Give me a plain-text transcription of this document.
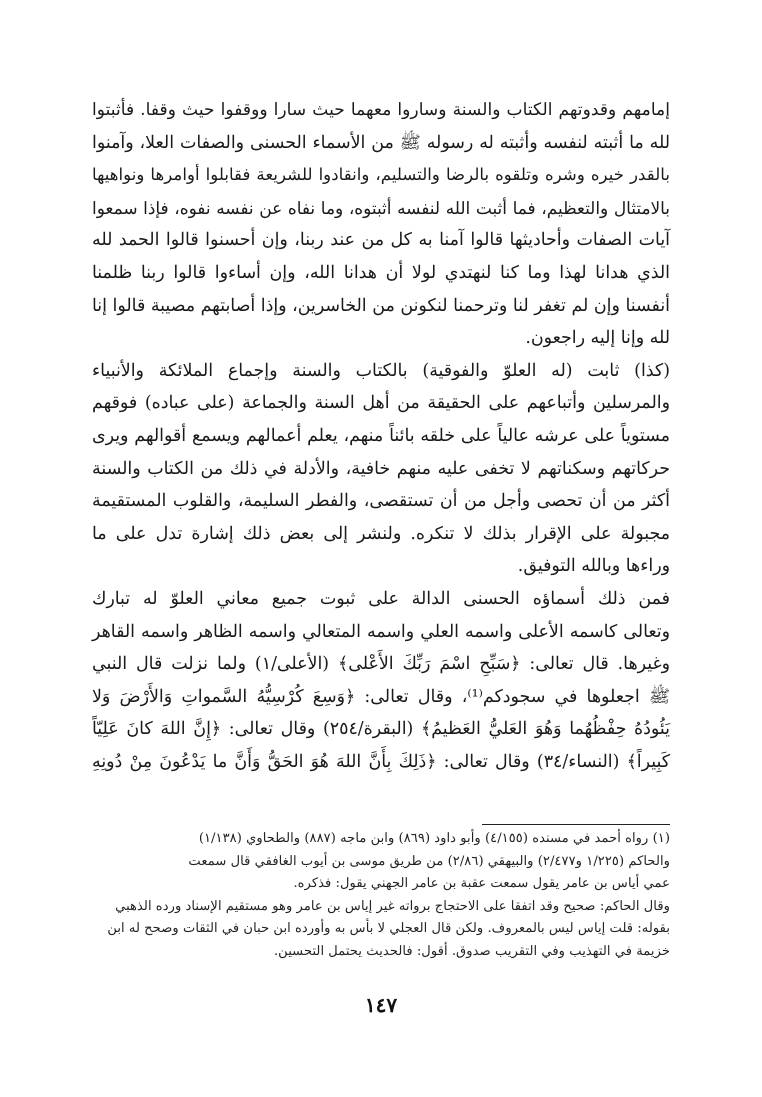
إمامهم وقدوتهم الكتاب والسنة وساروا معهما حيث سارا ووقفوا حيث وقفا. فأثبتوا
لله ما أثبته لنفسه وأثبته له رسوله ﷺ من الأسماء الحسنى والصفات العلا، وآمنوا
بالقدر خيره وشره وتلقوه بالرضا والتسليم، وانقادوا للشريعة فقابلوا أوامرها ونواهيها
بالامتثال والتعظيم، فما أثبت الله لنفسه أثبتوه، وما نفاه عن نفسه نفوه، فإذا سمعوا
آيات الصفات وأحاديثها قالوا آمنا به كل من عند ربنا، وإن أحسنوا قالوا الحمد لله
الذي هدانا لهذا وما كنا لنهتدي لولا أن هدانا الله، وإن أساءوا قالوا ربنا ظلمنا
أنفسنا وإن لم تغفر لنا وترحمنا لنكونن من الخاسرين، وإذا أصابتهم مصيبة قالوا إنا
لله وإنا إليه راجعون.
(كذا) ثابت (له العلوّ والفوقية) بالكتاب والسنة وإجماع الملائكة والأنبياء
والمرسلين وأتباعهم على الحقيقة من أهل السنة والجماعة (على عباده) فوقهم
مستوياً على عرشه عالياً على خلقه بائناً منهم، يعلم أعمالهم ويسمع أقوالهم ويرى
حركاتهم وسكناتهم لا تخفى عليه منهم خافية، والأدلة في ذلك من الكتاب والسنة
أكثر من أن تحصى وأجل من أن تستقصى، والفطر السليمة، والقلوب المستقيمة
مجبولة على الإقرار بذلك لا تنكره. ولنشر إلى بعض ذلك إشارة تدل على ما
وراءها وبالله التوفيق.
فمن ذلك أسماؤه الحسنى الدالة على ثبوت جميع معاني العلوّ له تبارك
وتعالى كاسمه الأعلى واسمه العلي واسمه المتعالي واسمه الظاهر واسمه القاهر
وغيرها. قال تعالى: ﴿سَبِّحِ اسْمَ رَبِّكَ الأَعْلى﴾ (الأعلى/١) ولما نزلت قال النبي
ﷺ اجعلوها في سجودكم⁽¹⁾، وقال تعالى: ﴿وَسِعَ كُرْسِيُّهُ السَّمواتِ وَالأَرْضَ وَلا
يَئُودُهُ حِفْظُهُما وَهُوَ العَليُّ العَظيمُ﴾ (البقرة/٢٥٤) وقال تعالى: ﴿إِنَّ اللهَ كانَ عَلِيّاً
كَبِيراً﴾ (النساء/٣٤) وقال تعالى: ﴿ذَلِكَ بِأَنَّ اللهَ هُوَ الحَقُّ وَأَنَّ ما يَدْعُونَ مِنْ دُونِهِ
(١) رواه أحمد في مسنده (٤/١٥٥) وأبو داود (٨٦٩) وابن ماجه (٨٨٧) والطحاوي (١/١٣٨)
والحاكم (١/٢٢٥ و٢/٤٧٧) والبيهقي (٢/٨٦) من طريق موسى بن أيوب الغافقي قال سمعت
عمي أياس بن عامر يقول سمعت عقبة بن عامر الجهني يقول: فذكره.
وقال الحاكم: صحيح وقد اتفقا على الاحتجاج برواته غير إياس بن عامر وهو مستقيم الإسناد ورده الذهبي
بقوله: قلت إياس ليس بالمعروف. ولكن قال العجلي لا بأس به وأورده ابن حبان في الثقات وصحح له ابن
خزيمة في التهذيب وفي التقريب صدوق. أقول: فالحديث يحتمل التحسين.
١٤٧
